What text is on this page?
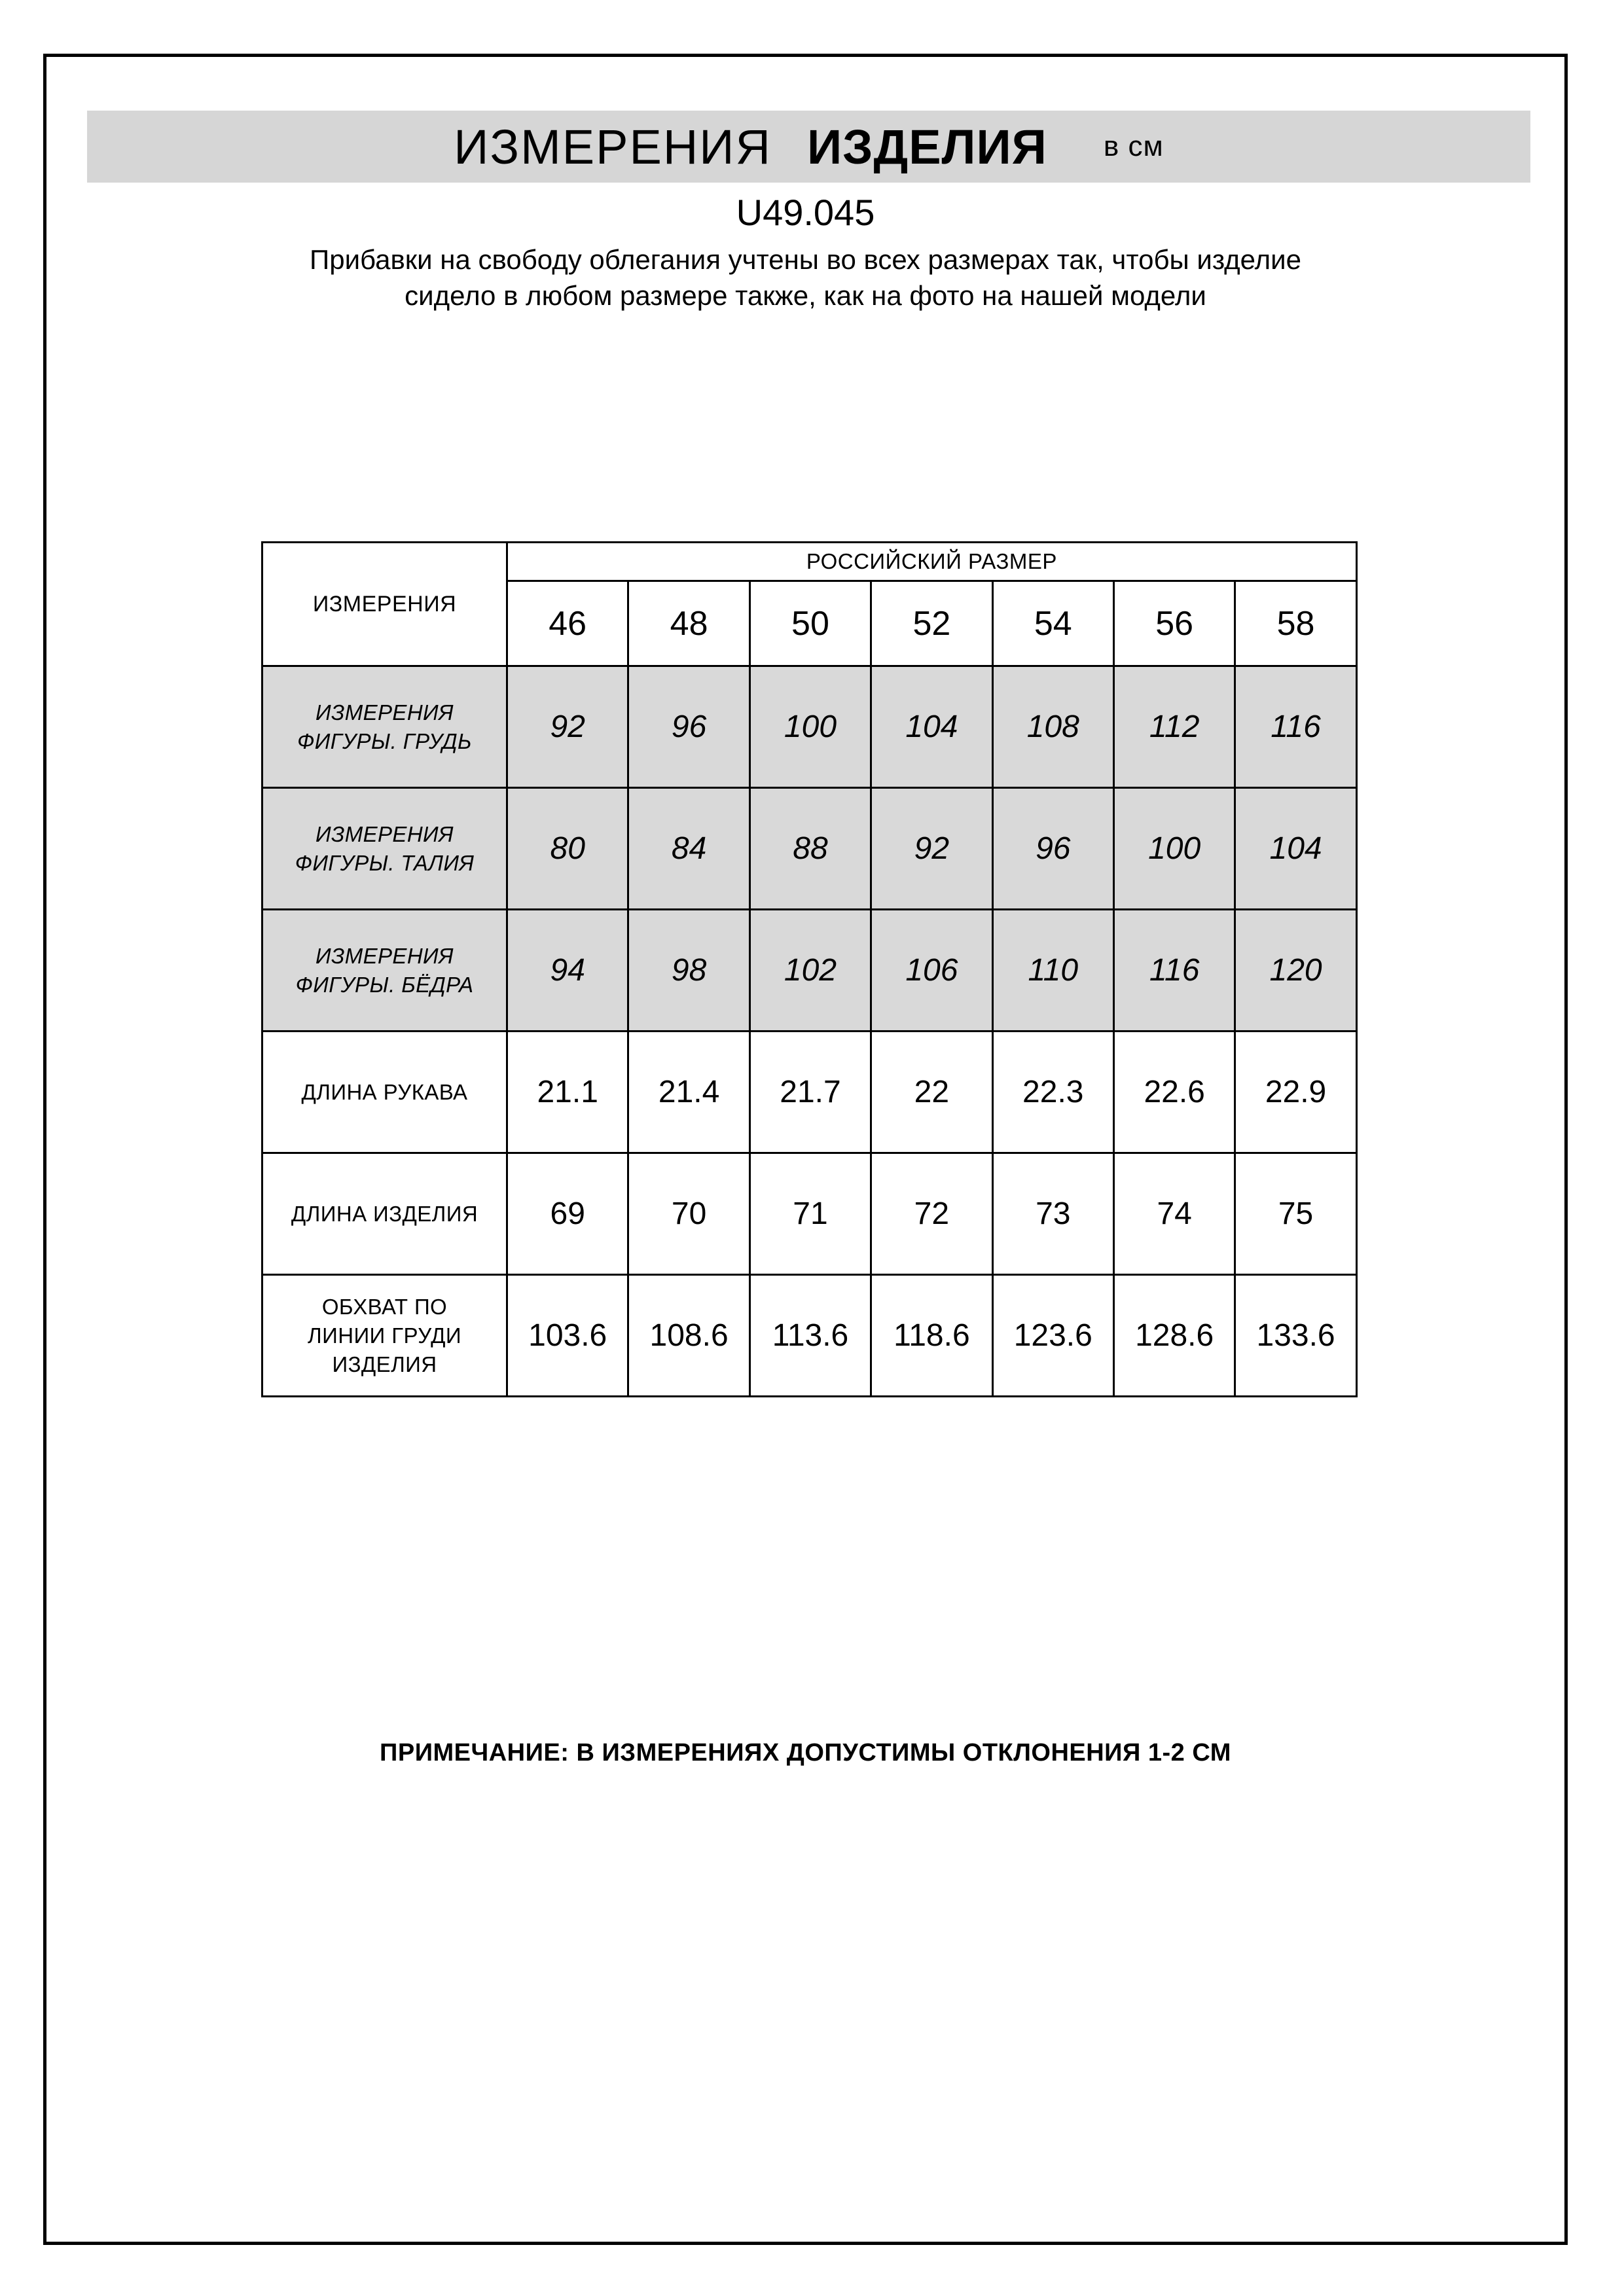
ИЗМЕРЕНИЯ ИЗДЕЛИЯ в см
U49.045
Прибавки на свободу облегания учтены во всех размерах так, чтобы изделие сидело в любом размере также, как на фото на нашей модели
ИЗМЕРЕНИЯ	РОССИЙСКИЙ РАЗМЕР						
	46	48	50	52	54	56	58
ИЗМЕРЕНИЯ
ФИГУРЫ. ГРУДЬ	92	96	100	104	108	112	116
ИЗМЕРЕНИЯ
ФИГУРЫ. ТАЛИЯ	80	84	88	92	96	100	104
ИЗМЕРЕНИЯ
ФИГУРЫ. БЁДРА	94	98	102	106	110	116	120
ДЛИНА РУКАВА	21.1	21.4	21.7	22	22.3	22.6	22.9
ДЛИНА ИЗДЕЛИЯ	69	70	71	72	73	74	75
ОБХВАТ ПО
ЛИНИИ ГРУДИ
ИЗДЕЛИЯ	103.6	108.6	113.6	118.6	123.6	128.6	133.6
ПРИМЕЧАНИЕ: В ИЗМЕРЕНИЯХ ДОПУСТИМЫ ОТКЛОНЕНИЯ 1-2 СМ
